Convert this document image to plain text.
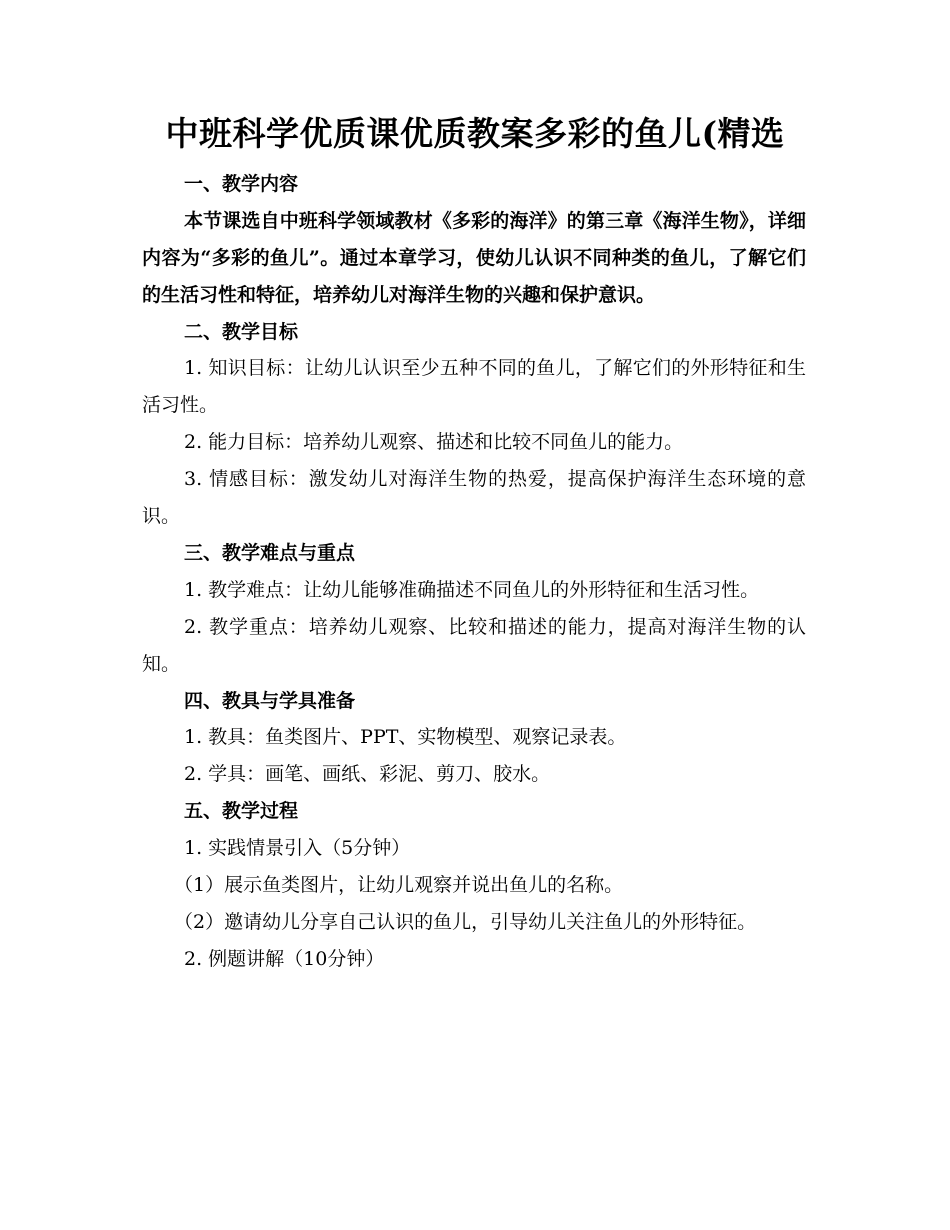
中班科学优质课优质教案多彩的鱼儿(精选
一、教学内容

本节课选自中班科学领域教材《多彩的海洋》的第三章《海洋生物》，详细内容为“多彩的鱼儿”。通过本章学习，使幼儿认识不同种类的鱼儿，了解它们的生活习性和特征，培养幼儿对海洋生物的兴趣和保护意识。

二、教学目标

1. 知识目标：让幼儿认识至少五种不同的鱼儿，了解它们的外形特征和生活习性。

2. 能力目标：培养幼儿观察、描述和比较不同鱼儿的能力。

3. 情感目标：激发幼儿对海洋生物的热爱，提高保护海洋生态环境的意识。

三、教学难点与重点

1. 教学难点：让幼儿能够准确描述不同鱼儿的外形特征和生活习性。

2. 教学重点：培养幼儿观察、比较和描述的能力，提高对海洋生物的认知。

四、教具与学具准备

1. 教具：鱼类图片、PPT、实物模型、观察记录表。

2. 学具：画笔、画纸、彩泥、剪刀、胶水。

五、教学过程

1. 实践情景引入（5分钟）

（1）展示鱼类图片，让幼儿观察并说出鱼儿的名称。

（2）邀请幼儿分享自己认识的鱼儿，引导幼儿关注鱼儿的外形特征。

2. 例题讲解（10分钟）
